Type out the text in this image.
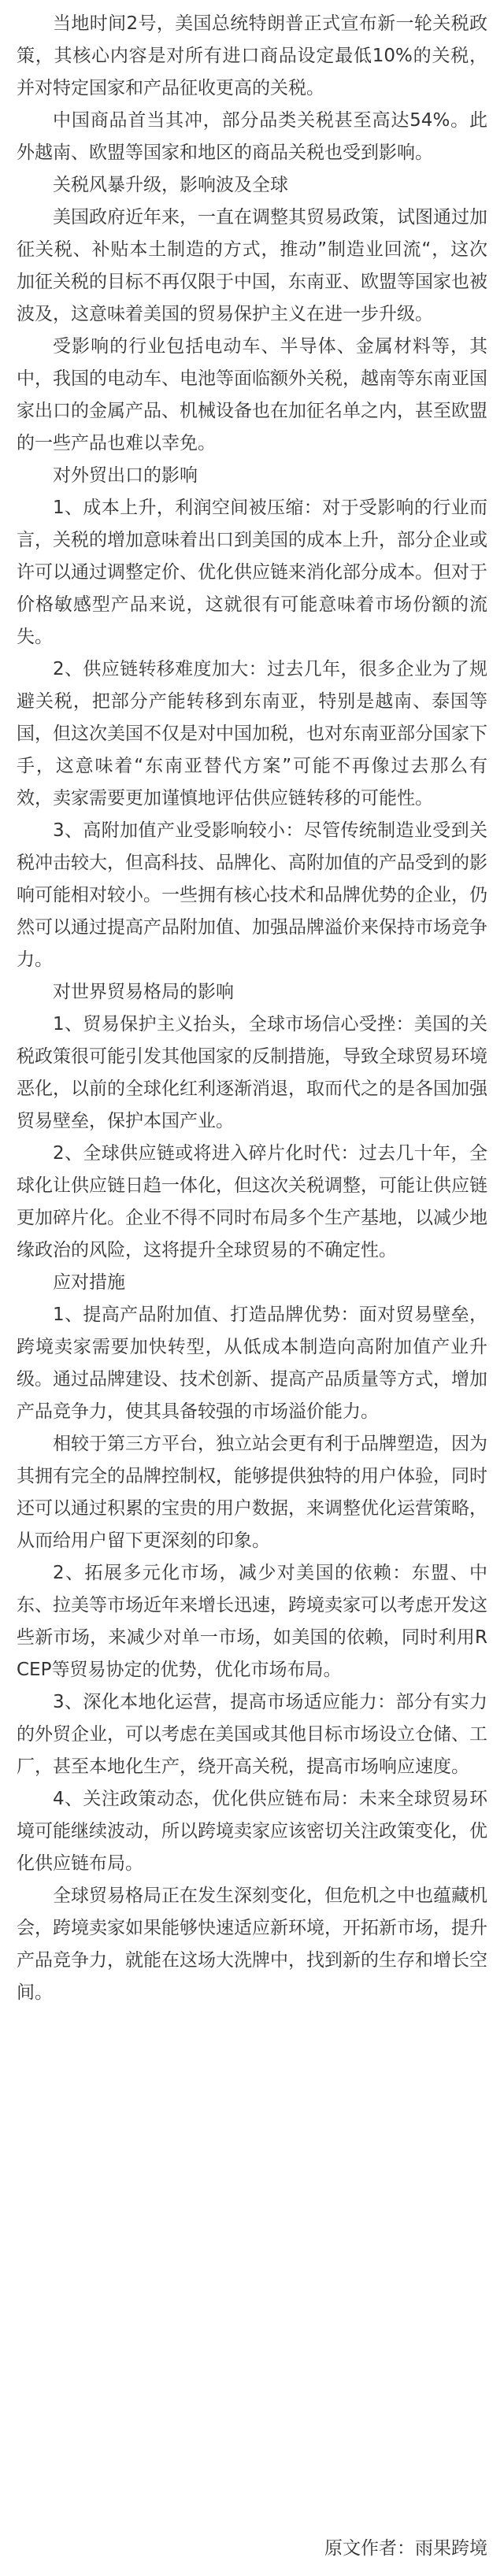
当地时间2号，美国总统特朗普正式宣布新一轮关税政策，其核心内容是对所有进口商品设定最低10%的关税，并对特定国家和产品征收更高的关税。

中国商品首当其冲，部分品类关税甚至高达54%。此外越南、欧盟等国家和地区的商品关税也受到影响。

关税风暴升级，影响波及全球

美国政府近年来，一直在调整其贸易政策，试图通过加征关税、补贴本土制造的方式，推动”制造业回流“，这次加征关税的目标不再仅限于中国，东南亚、欧盟等国家也被波及，这意味着美国的贸易保护主义在进一步升级。

受影响的行业包括电动车、半导体、金属材料等，其中，我国的电动车、电池等面临额外关税，越南等东南亚国家出口的金属产品、机械设备也在加征名单之内，甚至欧盟的一些产品也难以幸免。

对外贸出口的影响

1、成本上升，利润空间被压缩：对于受影响的行业而言，关税的增加意味着出口到美国的成本上升，部分企业或许可以通过调整定价、优化供应链来消化部分成本。但对于价格敏感型产品来说，这就很有可能意味着市场份额的流失。

2、供应链转移难度加大：过去几年，很多企业为了规避关税，把部分产能转移到东南亚，特别是越南、泰国等国，但这次美国不仅是对中国加税，也对东南亚部分国家下手，这意味着“东南亚替代方案”可能不再像过去那么有效，卖家需要更加谨慎地评估供应链转移的可能性。

3、高附加值产业受影响较小：尽管传统制造业受到关税冲击较大，但高科技、品牌化、高附加值的产品受到的影响可能相对较小。一些拥有核心技术和品牌优势的企业，仍然可以通过提高产品附加值、加强品牌溢价来保持市场竞争力。

对世界贸易格局的影响

1、贸易保护主义抬头，全球市场信心受挫：美国的关税政策很可能引发其他国家的反制措施，导致全球贸易环境恶化，以前的全球化红利逐渐消退，取而代之的是各国加强贸易壁垒，保护本国产业。

2、全球供应链或将进入碎片化时代：过去几十年，全球化让供应链日趋一体化，但这次关税调整，可能让供应链更加碎片化。企业不得不同时布局多个生产基地，以减少地缘政治的风险，这将提升全球贸易的不确定性。

应对措施

1、提高产品附加值、打造品牌优势：面对贸易壁垒，跨境卖家需要加快转型，从低成本制造向高附加值产业升级。通过品牌建设、技术创新、提高产品质量等方式，增加产品竞争力，使其具备较强的市场溢价能力。

相较于第三方平台，独立站会更有利于品牌塑造，因为其拥有完全的品牌控制权，能够提供独特的用户体验，同时还可以通过积累的宝贵的用户数据，来调整优化运营策略，从而给用户留下更深刻的印象。

2、拓展多元化市场，减少对美国的依赖：东盟、中东、拉美等市场近年来增长迅速，跨境卖家可以考虑开发这些新市场，来减少对单一市场，如美国的依赖，同时利用RCEP等贸易协定的优势，优化市场布局。

3、深化本地化运营，提高市场适应能力：部分有实力的外贸企业，可以考虑在美国或其他目标市场设立仓储、工厂，甚至本地化生产，绕开高关税，提高市场响应速度。

4、关注政策动态，优化供应链布局：未来全球贸易环境可能继续波动，所以跨境卖家应该密切关注政策变化，优化供应链布局。

全球贸易格局正在发生深刻变化，但危机之中也蕴藏机会，跨境卖家如果能够快速适应新环境，开拓新市场，提升产品竞争力，就能在这场大洗牌中，找到新的生存和增长空间。

原文作者：雨果跨境
